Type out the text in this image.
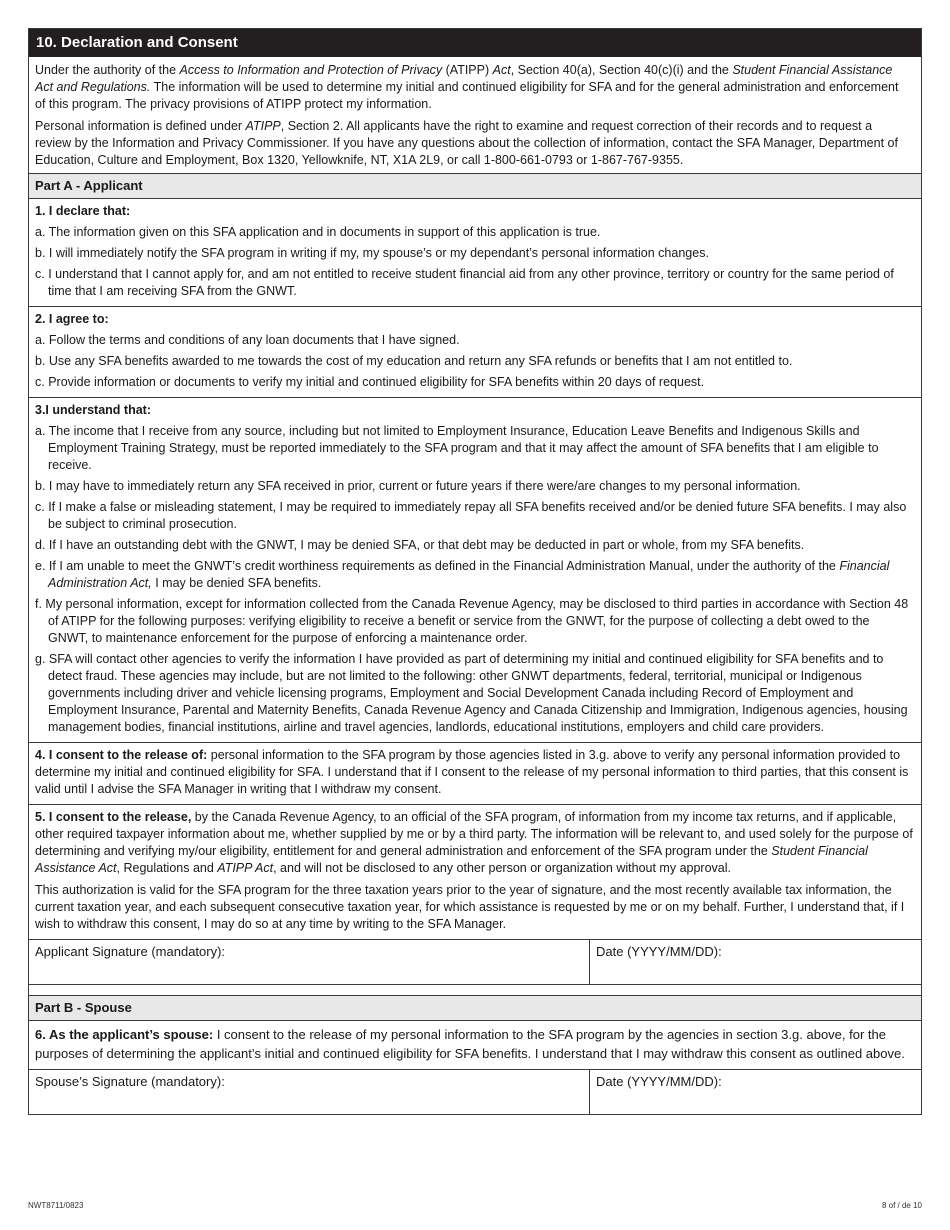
10. Declaration and Consent

Under the authority of the Access to Information and Protection of Privacy (ATIPP) Act, Section 40(a), Section 40(c)(i) and the Student Financial Assistance Act and Regulations. The information will be used to determine my initial and continued eligibility for SFA and for the general administration and enforcement of this program. The privacy provisions of ATIPP protect my information.

Personal information is defined under ATIPP, Section 2. All applicants have the right to examine and request correction of their records and to request a review by the Information and Privacy Commissioner. If you have any questions about the collection of information, contact the SFA Manager, Department of Education, Culture and Employment, Box 1320, Yellowknife, NT, X1A 2L9, or call 1-800-661-0793 or 1-867-767-9355.

Part A - Applicant
1. I declare that:
a. The information given on this SFA application and in documents in support of this application is true.
b. I will immediately notify the SFA program in writing if my, my spouse’s or my dependant’s personal information changes.
c. I understand that I cannot apply for, and am not entitled to receive student financial aid from any other province, territory or country for the same period of time that I am receiving SFA from the GNWT.
2. I agree to:
a. Follow the terms and conditions of any loan documents that I have signed.
b. Use any SFA benefits awarded to me towards the cost of my education and return any SFA refunds or benefits that I am not entitled to.
c. Provide information or documents to verify my initial and continued eligibility for SFA benefits within 20 days of request.
3.I understand that:
a. The income that I receive from any source, including but not limited to Employment Insurance, Education Leave Benefits and Indigenous Skills and Employment Training Strategy, must be reported immediately to the SFA program and that it may affect the amount of SFA benefits that I am eligible to receive.
b. I may have to immediately return any SFA received in prior, current or future years if there were/are changes to my personal information.
c. If I make a false or misleading statement, I may be required to immediately repay all SFA benefits received and/or be denied future SFA benefits. I may also be subject to criminal prosecution.
d. If I have an outstanding debt with the GNWT, I may be denied SFA, or that debt may be deducted in part or whole, from my SFA benefits.
e. If I am unable to meet the GNWT’s credit worthiness requirements as defined in the Financial Administration Manual, under the authority of the Financial Administration Act, I may be denied SFA benefits.
f. My personal information, except for information collected from the Canada Revenue Agency, may be disclosed to third parties in accordance with Section 48 of ATIPP for the following purposes: verifying eligibility to receive a benefit or service from the GNWT, for the purpose of collecting a debt owed to the GNWT, to maintenance enforcement for the purpose of enforcing a maintenance order.
g. SFA will contact other agencies to verify the information I have provided as part of determining my initial and continued eligibility for SFA benefits and to detect fraud. These agencies may include, but are not limited to the following: other GNWT departments, federal, territorial, municipal or Indigenous governments including driver and vehicle licensing programs, Employment and Social Development Canada including Record of Employment and Employment Insurance, Parental and Maternity Benefits, Canada Revenue Agency and Canada Citizenship and Immigration, Indigenous agencies, housing management bodies, financial institutions, airline and travel agencies, landlords, educational institutions, employers and child care providers.
4. I consent to the release of: personal information to the SFA program by those agencies listed in 3.g. above to verify any personal information provided to determine my initial and continued eligibility for SFA. I understand that if I consent to the release of my personal information to third parties, that this consent is valid until I advise the SFA Manager in writing that I withdraw my consent.

5. I consent to the release, by the Canada Revenue Agency, to an official of the SFA program, of information from my income tax returns, and if applicable, other required taxpayer information about me, whether supplied by me or by a third party. The information will be relevant to, and used solely for the purpose of determining and verifying my/our eligibility, entitlement for and general administration and enforcement of the SFA program under the Student Financial Assistance Act, Regulations and ATIPP Act, and will not be disclosed to any other person or organization without my approval.

This authorization is valid for the SFA program for the three taxation years prior to the year of signature, and the most recently available tax information, the current taxation year, and each subsequent consecutive taxation year, for which assistance is requested by me or on my behalf. Further, I understand that, if I wish to withdraw this consent, I may do so at any time by writing to the SFA Manager.

Applicant Signature (mandatory):	Date (YYYY/MM/DD):
Part B - Spouse
6. As the applicant’s spouse: I consent to the release of my personal information to the SFA program by the agencies in section 3.g. above, for the purposes of determining the applicant’s initial and continued eligibility for SFA benefits. I understand that I may withdraw this consent as outlined above.
Spouse’s Signature (mandatory):	Date (YYYY/MM/DD):
NWT8711/0823	8 of / de 10
